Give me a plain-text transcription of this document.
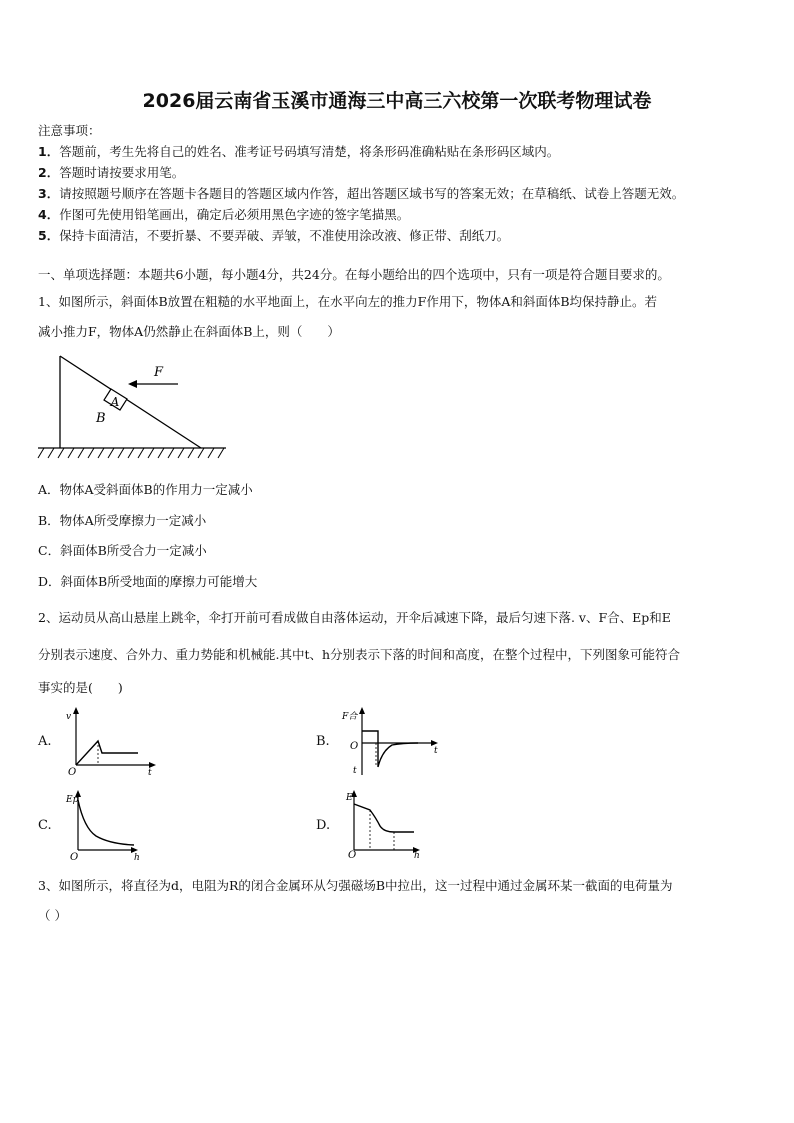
2026届云南省玉溪市通海三中高三六校第一次联考物理试卷
注意事项：
1．答题前，考生先将自己的姓名、准考证号码填写清楚，将条形码准确粘贴在条形码区域内。
2．答题时请按要求用笔。
3．请按照题号顺序在答题卡各题目的答题区域内作答，超出答题区域书写的答案无效；在草稿纸、试卷上答题无效。
4．作图可先使用铅笔画出，确定后必须用黑色字迹的签字笔描黑。
5．保持卡面清洁，不要折暴、不要弄破、弄皱，不准使用涂改液、修正带、刮纸刀。
一、单项选择题：本题共6小题，每小题4分，共24分。在每小题给出的四个选项中，只有一项是符合题目要求的。
1、如图所示，斜面体B放置在粗糙的水平地面上，在水平向左的推力F作用下，物体A和斜面体B均保持静止。若
减小推力F，物体A仍然静止在斜面体B上，则（　　）
A
B
F
A．物体A受斜面体B的作用力一定减小
B．物体A所受摩擦力一定减小
C．斜面体B所受合力一定减小
D．斜面体B所受地面的摩擦力可能增大
2、运动员从高山悬崖上跳伞，伞打开前可看成做自由落体运动，开伞后减速下降，最后匀速下落. v、F合、Ep和E
分别表示速度、合外力、重力势能和机械能.其中t、h分别表示下落的时间和高度，在整个过程中，下列图象可能符合
事实的是(　　)
A.
v
t
O
B.
F合
t
O
t
C.
Ep
h
O
D.
E
h
O
3、如图所示，将直径为d，电阻为R的闭合金属环从匀强磁场B中拉出，这一过程中通过金属环某一截面的电荷量为
（ ）
